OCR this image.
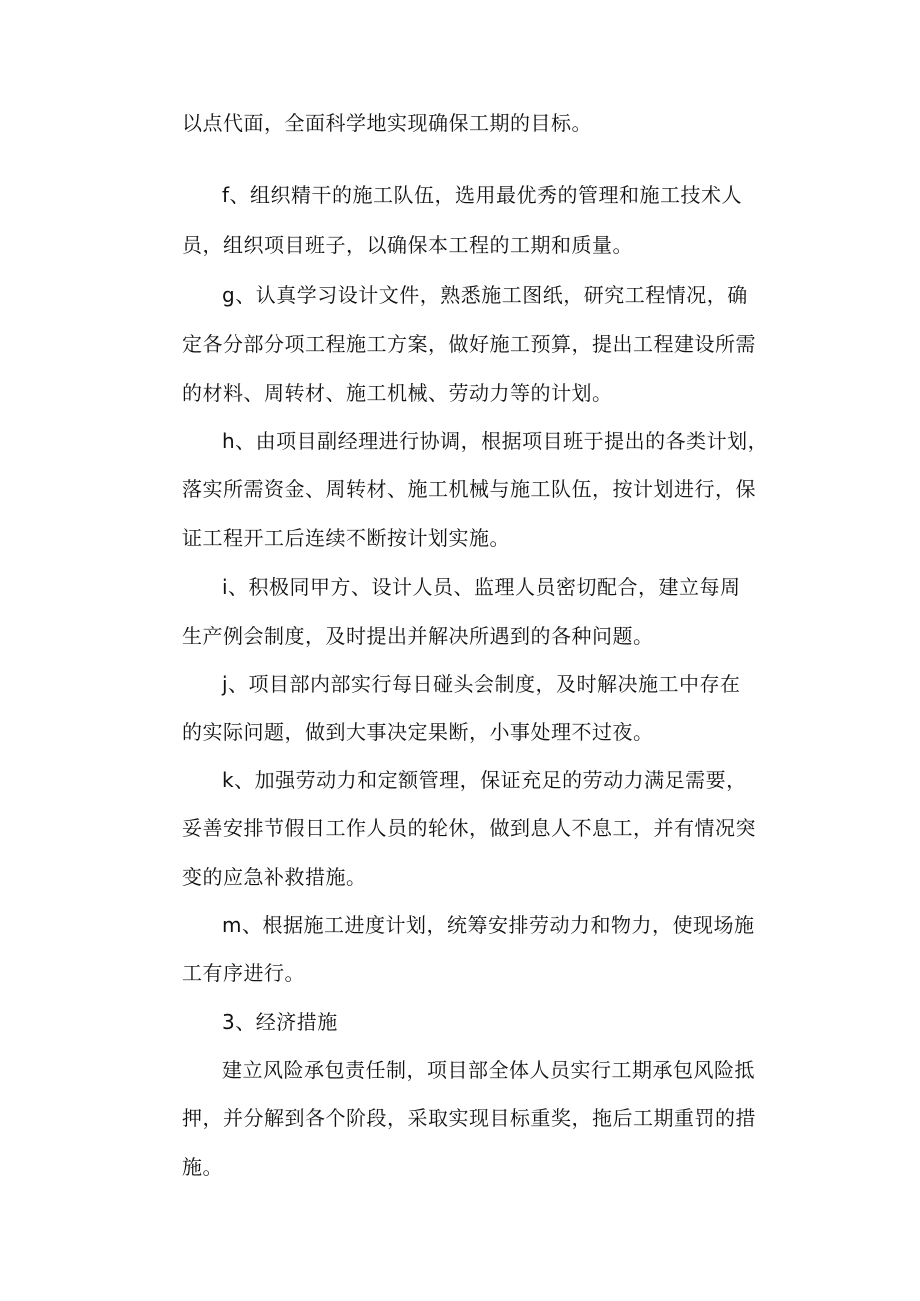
以点代面，全面科学地实现确保工期的目标。
f、组织精干的施工队伍，选用最优秀的管理和施工技术人
员，组织项目班子，以确保本工程的工期和质量。
g、认真学习设计文件，熟悉施工图纸，研究工程情况，确
定各分部分项工程施工方案，做好施工预算，提出工程建设所需
的材料、周转材、施工机械、劳动力等的计划。
h、由项目副经理进行协调，根据项目班于提出的各类计划，
落实所需资金、周转材、施工机械与施工队伍，按计划进行，保
证工程开工后连续不断按计划实施。
i、积极同甲方、设计人员、监理人员密切配合，建立每周
生产例会制度，及时提出并解决所遇到的各种问题。
j、项目部内部实行每日碰头会制度，及时解决施工中存在
的实际问题，做到大事决定果断，小事处理不过夜。
k、加强劳动力和定额管理，保证充足的劳动力满足需要，
妥善安排节假日工作人员的轮休，做到息人不息工，并有情况突
变的应急补救措施。
m、根据施工进度计划，统筹安排劳动力和物力，使现场施
工有序进行。
3、经济措施
建立风险承包责任制，项目部全体人员实行工期承包风险抵
押，并分解到各个阶段，采取实现目标重奖，拖后工期重罚的措
施。
